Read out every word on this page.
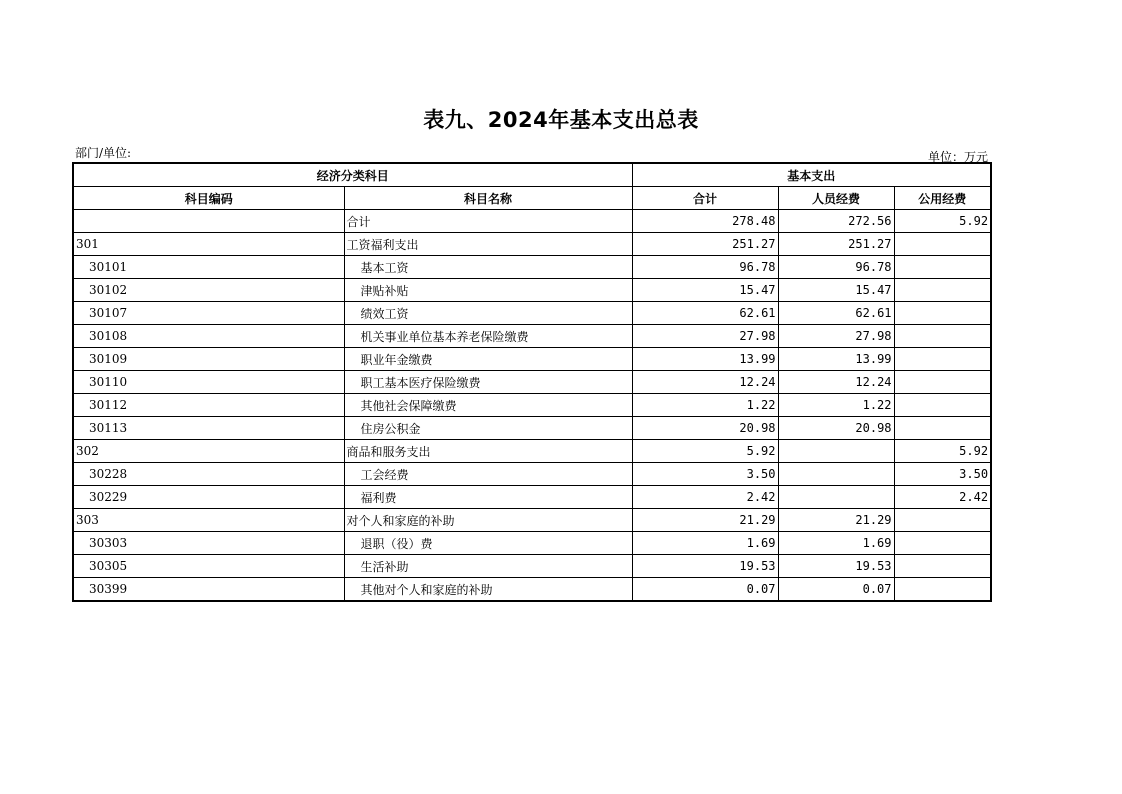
表九、2024年基本支出总表
部门/单位:	单位：万元
经济分类科目		基本支出		
科目编码	科目名称	合计	人员经费	公用经费
	合计	278.48	272.56	5.92
301	工资福利支出	251.27	251.27	
30101	基本工资	96.78	96.78	
30102	津贴补贴	15.47	15.47	
30107	绩效工资	62.61	62.61	
30108	机关事业单位基本养老保险缴费	27.98	27.98	
30109	职业年金缴费	13.99	13.99	
30110	职工基本医疗保险缴费	12.24	12.24	
30112	其他社会保障缴费	1.22	1.22	
30113	住房公积金	20.98	20.98	
302	商品和服务支出	5.92		5.92
30228	工会经费	3.50		3.50
30229	福利费	2.42		2.42
303	对个人和家庭的补助	21.29	21.29	
30303	退职（役）费	1.69	1.69	
30305	生活补助	19.53	19.53	
30399	其他对个人和家庭的补助	0.07	0.07	
